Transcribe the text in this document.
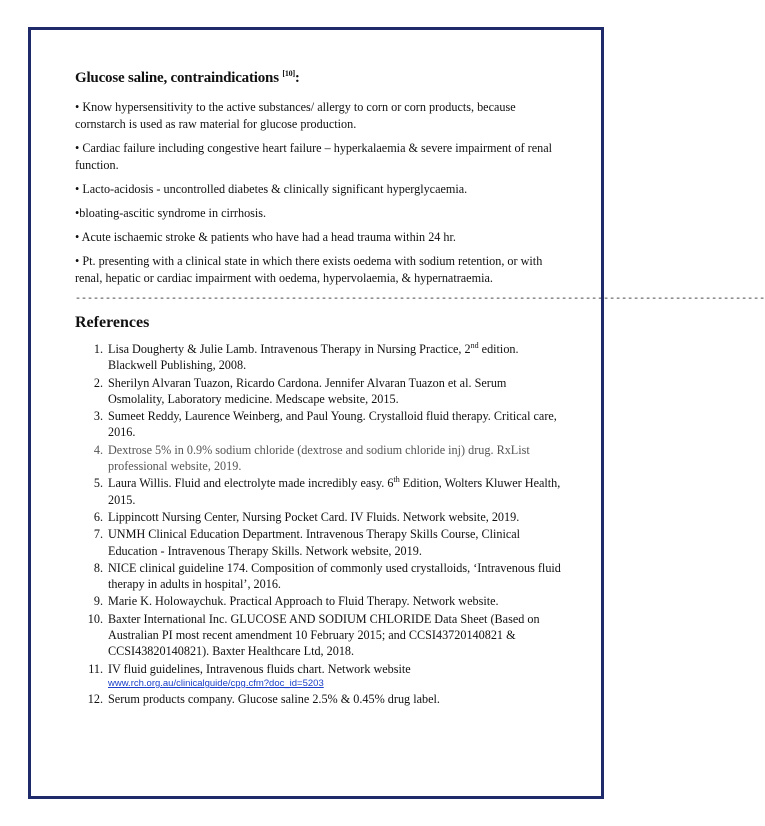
Glucose saline, contraindications [10]:

• Know hypersensitivity to the active substances/ allergy to corn or corn products, because cornstarch is used as raw material for glucose production.

• Cardiac failure including congestive heart failure – hyperkalaemia & severe impairment of renal function.

• Lacto-acidosis - uncontrolled diabetes & clinically significant hyperglycaemia.

•bloating-ascitic syndrome in cirrhosis.

• Acute ischaemic stroke & patients who have had a head trauma within 24 hr.

• Pt. presenting with a clinical state in which there exists oedema with sodium retention, or with renal, hepatic or cardiac impairment with oedema, hypervolaemia, & hypernatraemia.

-------------------------------------------------------------------------------------------------------------------
References
1. Lisa Dougherty & Julie Lamb. Intravenous Therapy in Nursing Practice, 2nd edition. Blackwell Publishing, 2008.
2. Sherilyn Alvaran Tuazon, Ricardo Cardona. Jennifer Alvaran Tuazon et al. Serum Osmolality, Laboratory medicine. Medscape website, 2015.
3. Sumeet Reddy, Laurence Weinberg, and Paul Young. Crystalloid fluid therapy. Critical care, 2016.
4. Dextrose 5% in 0.9% sodium chloride (dextrose and sodium chloride inj) drug. RxList professional website, 2019.
5. Laura Willis. Fluid and electrolyte made incredibly easy. 6th Edition, Wolters Kluwer Health, 2015.
6. Lippincott Nursing Center, Nursing Pocket Card. IV Fluids. Network website, 2019.
7. UNMH Clinical Education Department. Intravenous Therapy Skills Course, Clinical Education - Intravenous Therapy Skills. Network website, 2019.
8. NICE clinical guideline 174. Composition of commonly used crystalloids, ‘Intravenous fluid therapy in adults in hospital’, 2016.
9. Marie K. Holowaychuk. Practical Approach to Fluid Therapy. Network website.
10. Baxter International Inc. GLUCOSE AND SODIUM CHLORIDE Data Sheet (Based on Australian PI most recent amendment 10 February 2015; and CCSI43720140821 & CCSI43820140821). Baxter Healthcare Ltd, 2018.
11. IV fluid guidelines, Intravenous fluids chart. Network website
www.rch.org.au/clinicalguide/cpg.cfm?doc_id=5203
12. Serum products company. Glucose saline 2.5% & 0.45% drug label.
